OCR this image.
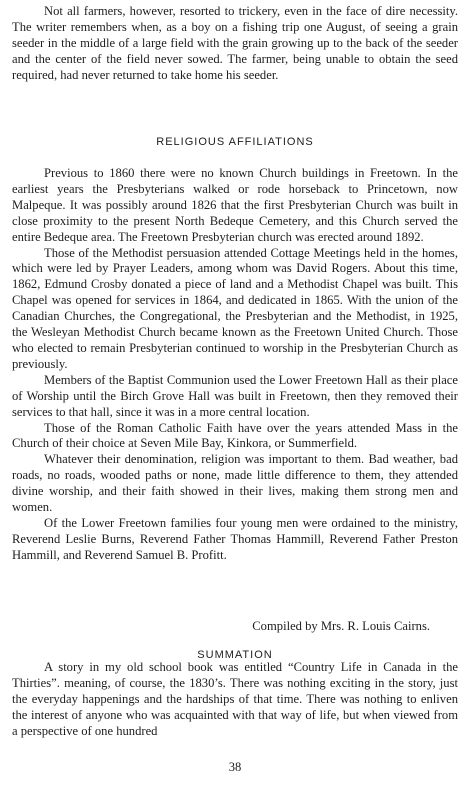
Not all farmers, however, resorted to trickery, even in the face of dire necessity. The writer remembers when, as a boy on a fishing trip one August, of seeing a grain seeder in the middle of a large field with the grain growing up to the back of the seeder and the center of the field never sowed. The farmer, being unable to obtain the seed required, had never returned to take home his seeder.

RELIGIOUS AFFILIATIONS

Previous to 1860 there were no known Church buildings in Freetown. In the earliest years the Presbyterians walked or rode horseback to Princetown, now Malpeque. It was possibly around 1826 that the first Presbyterian Church was built in close proximity to the present North Bedeque Cemetery, and this Church served the entire Bedeque area. The Freetown Presbyterian church was erected around 1892.

Those of the Methodist persuasion attended Cottage Meetings held in the homes, which were led by Prayer Leaders, among whom was David Rogers. About this time, 1862, Edmund Crosby donated a piece of land and a Methodist Chapel was built. This Chapel was opened for services in 1864, and dedicated in 1865. With the union of the Canadian Churches, the Congregational, the Presbyterian and the Methodist, in 1925, the Wesleyan Methodist Church became known as the Freetown United Church. Those who elected to remain Presbyterian continued to worship in the Presbyterian Church as previously.

Members of the Baptist Communion used the Lower Freetown Hall as their place of Worship until the Birch Grove Hall was built in Freetown, then they removed their services to that hall, since it was in a more central location.

Those of the Roman Catholic Faith have over the years attended Mass in the Church of their choice at Seven Mile Bay, Kinkora, or Summerfield.

Whatever their denomination, religion was important to them. Bad weather, bad roads, no roads, wooded paths or none, made little difference to them, they attended divine worship, and their faith showed in their lives, making them strong men and women.

Of the Lower Freetown families four young men were ordained to the ministry, Reverend Leslie Burns, Reverend Father Thomas Hammill, Reverend Father Preston Hammill, and Reverend Samuel B. Profitt.

Compiled by Mrs. R. Louis Cairns.
SUMMATION

A story in my old school book was entitled “Country Life in Canada in the Thirties”. meaning, of course, the 1830’s. There was nothing exciting in the story, just the everyday happenings and the hardships of that time. There was nothing to enliven the interest of anyone who was acquainted with that way of life, but when viewed from a perspective of one hundred

38
